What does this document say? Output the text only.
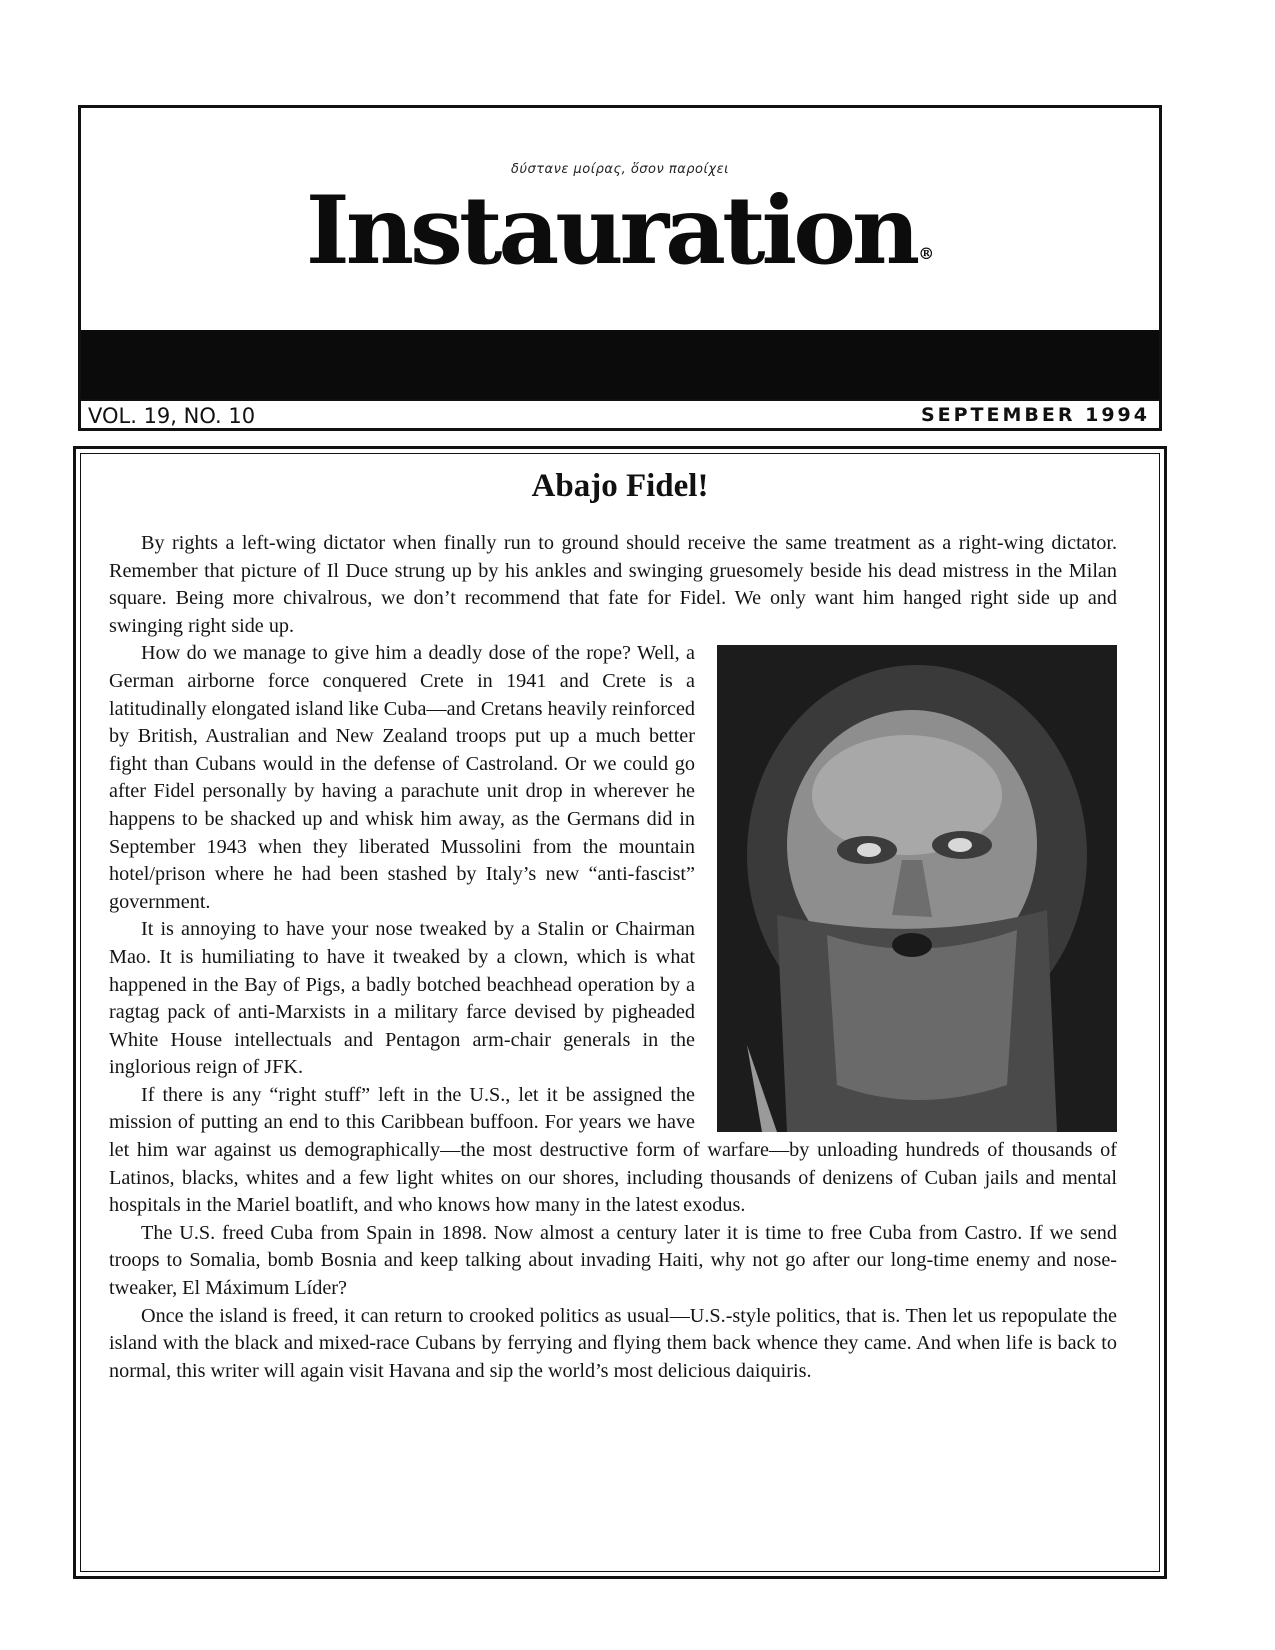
δύστανε μοίρας, ὅσον παροίχει
Instauration ®
VOL. 19, NO. 10	SEPTEMBER 1994
Abajo Fidel!

By rights a left-wing dictator when finally run to ground should receive the same treatment as a right-wing dictator. Remember that picture of Il Duce strung up by his ankles and swinging gruesomely beside his dead mistress in the Milan square. Being more chivalrous, we don’t recommend that fate for Fidel. We only want him hanged right side up and swinging right side up.

How do we manage to give him a deadly dose of the rope? Well, a German airborne force conquered Crete in 1941 and Crete is a latitudinally elongated island like Cuba—and Cretans heavily reinforced by British, Australian and New Zealand troops put up a much better fight than Cubans would in the defense of Castroland. Or we could go after Fidel personally by having a parachute unit drop in wherever he happens to be shacked up and whisk him away, as the Germans did in September 1943 when they liberated Mussolini from the mountain hotel/prison where he had been stashed by Italy’s new “anti-fascist” government.

It is annoying to have your nose tweaked by a Stalin or Chairman Mao. It is humiliating to have it tweaked by a clown, which is what happened in the Bay of Pigs, a badly botched beachhead operation by a ragtag pack of anti-Marxists in a military farce devised by pigheaded White House intellectuals and Pentagon arm-chair generals in the inglorious reign of JFK.

If there is any “right stuff” left in the U.S., let it be assigned the mission of putting an end to this Caribbean buffoon. For years we have let him war against us demographically—the most destructive form of warfare—by unloading hundreds of thousands of Latinos, blacks, whites and a few light whites on our shores, including thousands of denizens of Cuban jails and mental hospitals in the Mariel boatlift, and who knows how many in the latest exodus.

The U.S. freed Cuba from Spain in 1898. Now almost a century later it is time to free Cuba from Castro. If we send troops to Somalia, bomb Bosnia and keep talking about invading Haiti, why not go after our long-time enemy and nose-tweaker, El Máximum Líder?

Once the island is freed, it can return to crooked politics as usual—U.S.-style politics, that is. Then let us repopulate the island with the black and mixed-race Cubans by ferrying and flying them back whence they came. And when life is back to normal, this writer will again visit Havana and sip the world’s most delicious daiquiris.
